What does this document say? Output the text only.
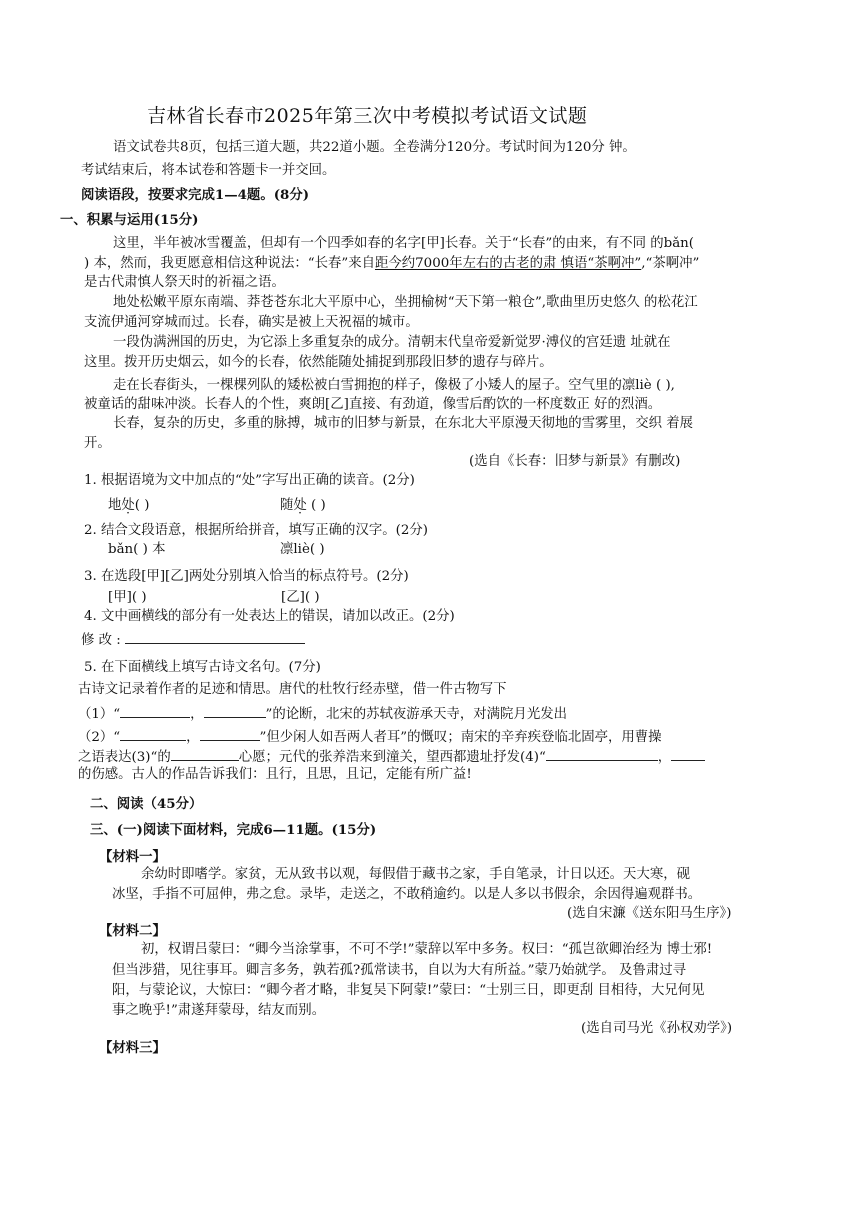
吉林省长春市2025年第三次中考模拟考试语文试题
语文试卷共8页，包括三道大题，共22道小题。全卷满分120分。考试时间为120分 钟。
考试结束后，将本试卷和答题卡一并交回。
阅读语段，按要求完成1—4题。(8分)
一、积累与运用(15分)
这里，半年被冰雪覆盖，但却有一个四季如春的名字[甲]长春。关于“长春”的由来，有不同 的bǎn(
) 本，然而，我更愿意相信这种说法：“长春”来自距今约7000年左右的古老的肃 慎语“茶啊冲”,“茶啊冲”
是古代肃慎人祭天时的祈福之语。
地处松嫩平原东南端、莽苍苍东北大平原中心，坐拥榆树“天下第一粮仓”,歌曲里历史悠久 的松花江
支流伊通河穿城而过。长春，确实是被上天祝福的城市。
一段伪满洲国的历史，为它添上多重复杂的成分。清朝末代皇帝爱新觉罗·溥仪的宫廷遗 址就在
这里。拨开历史烟云，如今的长春，依然能随处捕捉到那段旧梦的遗存与碎片。
走在长春街头，一棵棵列队的矮松被白雪拥抱的样子，像极了小矮人的屋子。空气里的凛liè ( ),
被童话的甜味冲淡。长春人的个性，爽朗[乙]直接、有劲道，像雪后酌饮的一杯度数正 好的烈酒。
长春，复杂的历史，多重的脉搏，城市的旧梦与新景，在东北大平原漫天彻地的雪雾里，交织 着展
开。
(选自《长春：旧梦与新景》有删改)
1. 根据语境为文中加点的“处”字写出正确的读音。(2分)
地处( )	随处 ( )
2. 结合文段语意，根据所给拼音，填写正确的汉字。(2分)
bǎn( ) 本	凛liè( )
3. 在选段[甲][乙]两处分别填入恰当的标点符号。(2分)
[甲]( )	[乙]( )
4. 文中画横线的部分有一处表达上的错误，请加以改正。(2分)
修 改 :
5. 在下面横线上填写古诗文名句。(7分)
古诗文记录着作者的足迹和情思。唐代的杜牧行经赤壁，借一件古物写下
（1）“	，	”的论断，北宋的苏轼夜游承天寺，对满院月光发出
（2）“	，	”但少闲人如吾两人者耳”的慨叹；南宋的辛弃疾登临北固亭，用曹操
之语表达(3)“的	心愿；元代的张养浩来到潼关，望西都遗址抒发(4)“	，
的伤感。古人的作品告诉我们：且行，且思，且记，定能有所广益!
二、阅读（45分）
三、(一)阅读下面材料，完成6—11题。(15分)
【材料一】
余幼时即嗜学。家贫，无从致书以观，每假借于藏书之家，手自笔录，计日以还。天大寒，砚
冰坚，手指不可屈伸，弗之怠。录毕，走送之，不敢稍逾约。以是人多以书假余，余因得遍观群书。
(选自宋濂《送东阳马生序》)
【材料二】
初，权谓吕蒙曰：“卿今当涂掌事，不可不学!”蒙辞以军中多务。权曰：“孤岂欲卿治经为 博士邪!
但当涉猎，见往事耳。卿言多务，孰若孤?孤常读书，自以为大有所益。”蒙乃始就学。 及鲁肃过寻
阳，与蒙论议，大惊曰：“卿今者才略，非复吴下阿蒙!”蒙曰：“士别三日，即更刮 目相待，大兄何见
事之晚乎!”肃遂拜蒙母，结友而别。
(选自司马光《孙权劝学》)
【材料三】
